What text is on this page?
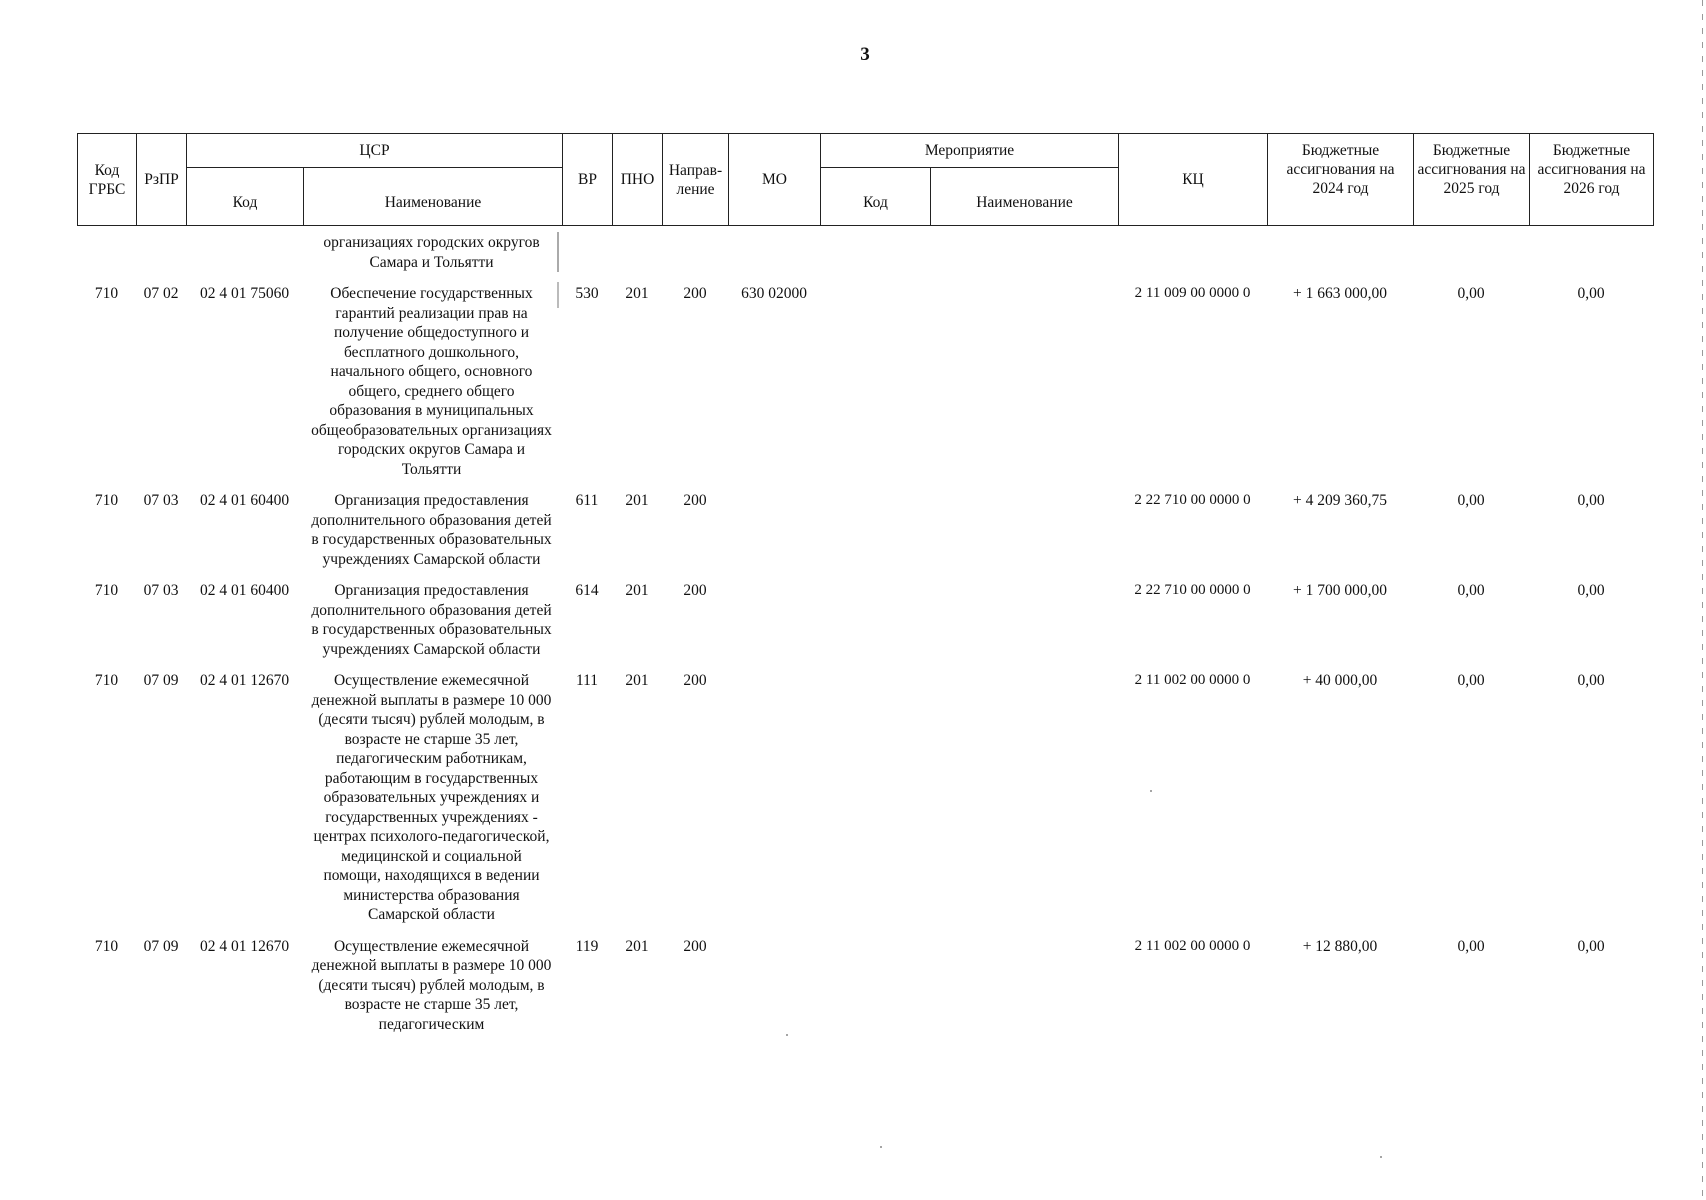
3
Код ГРБС	РзПР	ЦСР		ВР	ПНО	Направ-ление	МО	Мероприятие		КЦ	Бюджетные ассигнования на 2024 год	Бюджетные ассигнования на 2025 год	Бюджетные ассигнования на 2026 год
		Код	Наименование					Код	Наименование				
			организациях городских округов Самара и Тольятти										
710	07 02	02 4 01 75060	Обеспечение государственных гарантий реализации прав на получение общедоступного и бесплатного дошкольного, начального общего, основного общего, среднего общего образования в муниципальных общеобразовательных организациях городских округов Самара и Тольятти	530	201	200	630 02000			2 11 009 00 0000 0	+ 1 663 000,00	0,00	0,00
710	07 03	02 4 01 60400	Организация предоставления дополнительного образования детей в государственных образовательных учреждениях Самарской области	611	201	200				2 22 710 00 0000 0	+ 4 209 360,75	0,00	0,00
710	07 03	02 4 01 60400	Организация предоставления дополнительного образования детей в государственных образовательных учреждениях Самарской области	614	201	200				2 22 710 00 0000 0	+ 1 700 000,00	0,00	0,00
710	07 09	02 4 01 12670	Осуществление ежемесячной денежной выплаты в размере 10 000 (десяти тысяч) рублей молодым, в возрасте не старше 35 лет, педагогическим работникам, работающим в государственных образовательных учреждениях и государственных учреждениях - центрах психолого-педагогической, медицинской и социальной помощи, находящихся в ведении министерства образования Самарской области	111	201	200				2 11 002 00 0000 0	+ 40 000,00	0,00	0,00
710	07 09	02 4 01 12670	Осуществление ежемесячной денежной выплаты в размере 10 000 (десяти тысяч) рублей молодым, в возрасте не старше 35 лет, педагогическим	119	201	200				2 11 002 00 0000 0	+ 12 880,00	0,00	0,00
